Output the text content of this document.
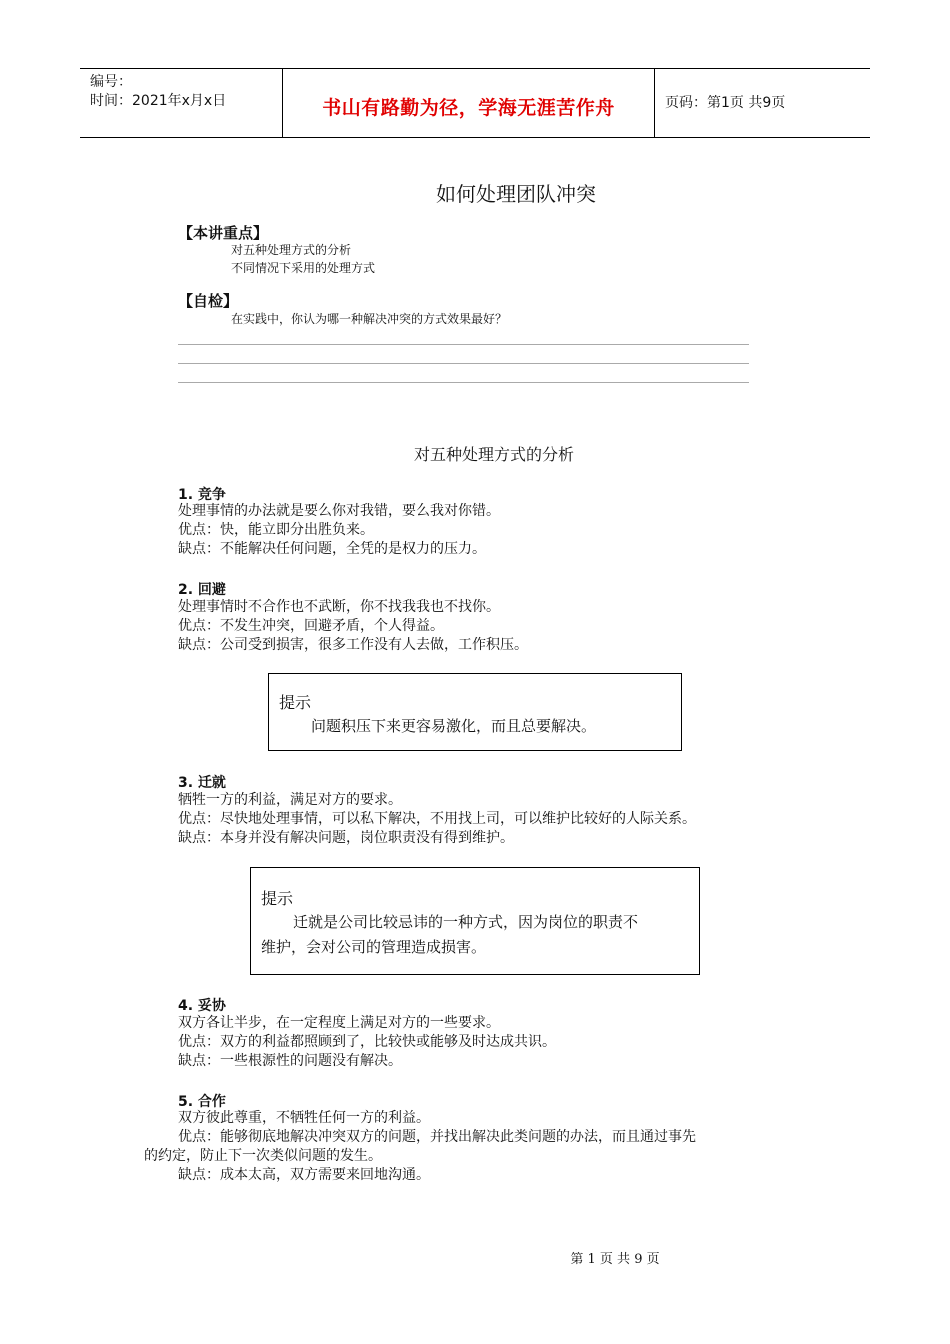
编号：
时间：2021年x月x日	书山有路勤为径，学海无涯苦作舟	页码：第1页 共9页
如何处理团队冲突
【本讲重点】
对五种处理方式的分析
不同情况下采用的处理方式
【自检】
在实践中，你认为哪一种解决冲突的方式效果最好？
对五种处理方式的分析
1. 竞争
处理事情的办法就是要么你对我错，要么我对你错。
优点：快，能立即分出胜负来。
缺点：不能解决任何问题，全凭的是权力的压力。
2. 回避
处理事情时不合作也不武断，你不找我我也不找你。
优点：不发生冲突，回避矛盾，个人得益。
缺点：公司受到损害，很多工作没有人去做，工作积压。
提示
问题积压下来更容易激化，而且总要解决。
3. 迁就
牺牲一方的利益，满足对方的要求。
优点：尽快地处理事情，可以私下解决，不用找上司，可以维护比较好的人际关系。
缺点：本身并没有解决问题，岗位职责没有得到维护。
提示
迁就是公司比较忌讳的一种方式，因为岗位的职责不
维护，会对公司的管理造成损害。
4. 妥协
双方各让半步，在一定程度上满足对方的一些要求。
优点：双方的利益都照顾到了，比较快或能够及时达成共识。
缺点：一些根源性的问题没有解决。
5. 合作
双方彼此尊重，不牺牲任何一方的利益。
优点：能够彻底地解决冲突双方的问题，并找出解决此类问题的办法，而且通过事先
的约定，防止下一次类似问题的发生。
缺点：成本太高，双方需要来回地沟通。
第 1 页 共 9 页
